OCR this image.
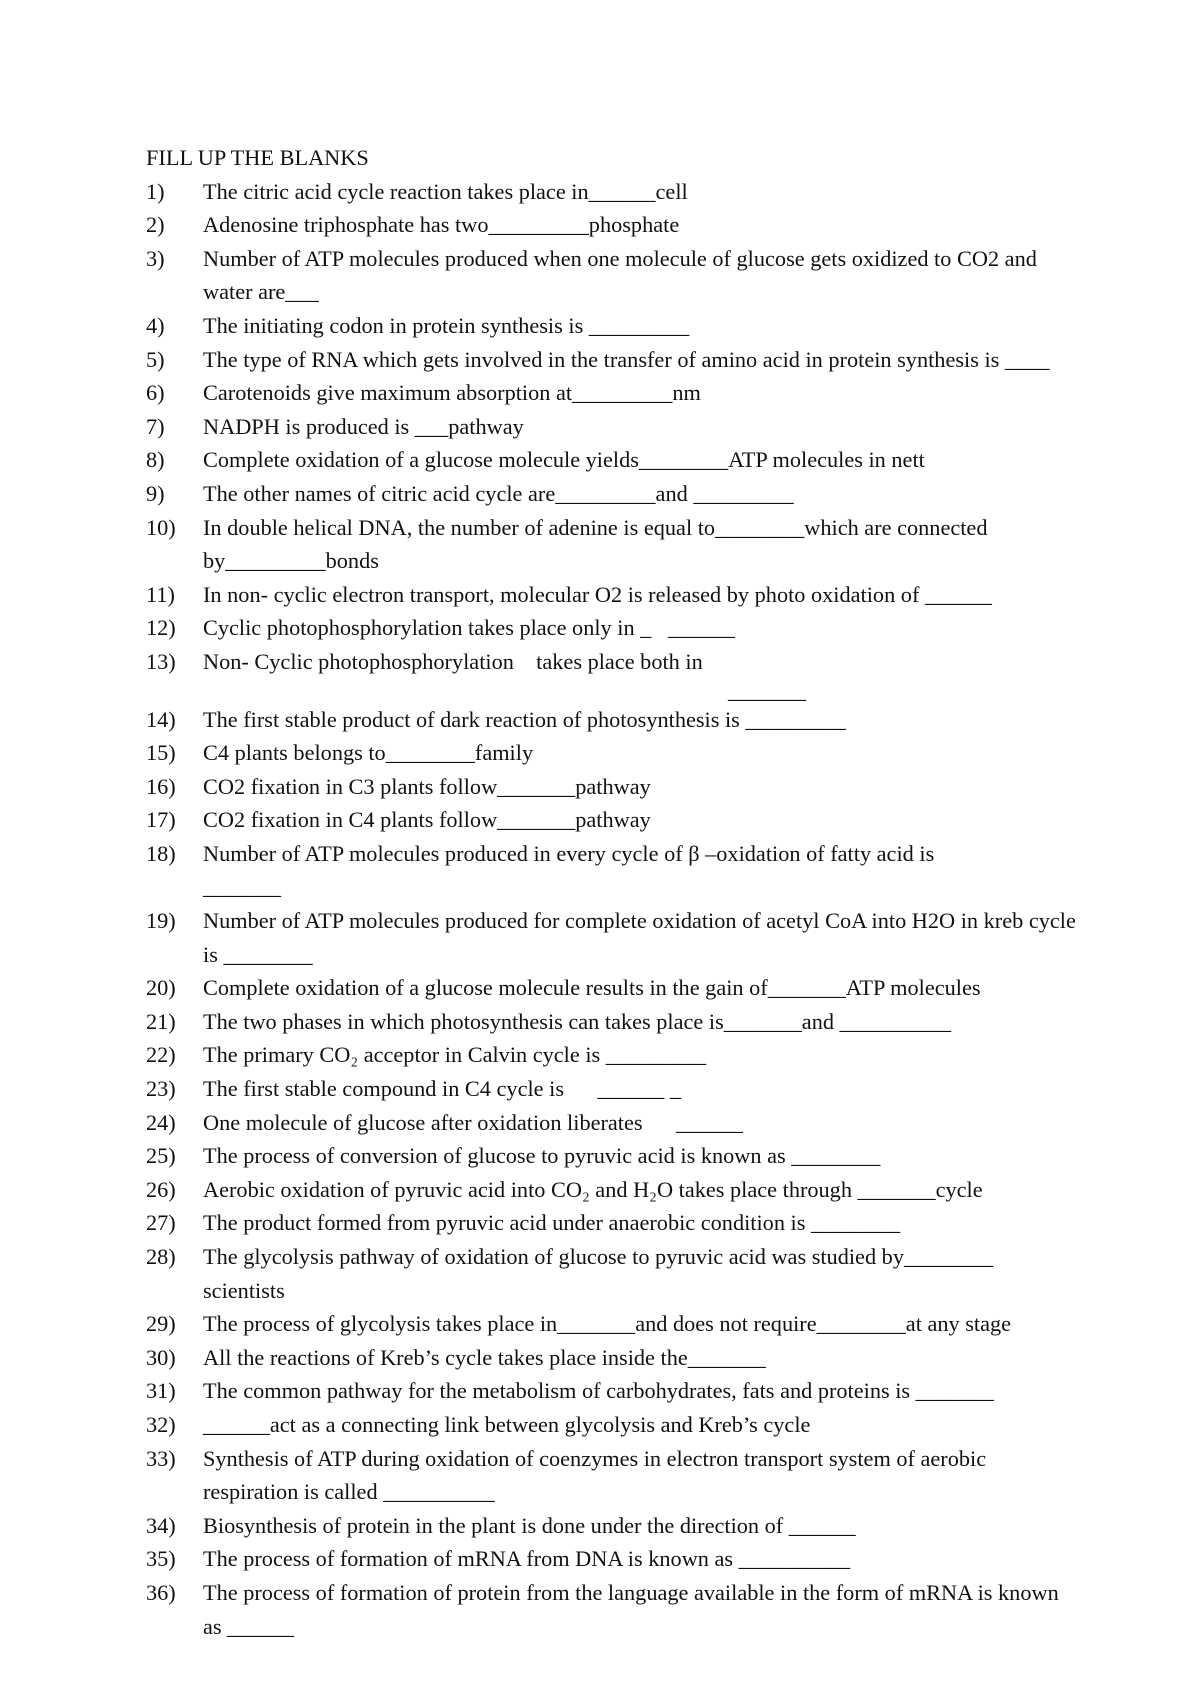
FILL UP THE BLANKS
1)	The citric acid cycle reaction takes place in______cell
2)	Adenosine triphosphate has two_________phosphate
3)	Number of ATP molecules produced when one molecule of glucose gets oxidized to CO2 and water are___
4)	The initiating codon in protein synthesis is _________
5)	The type of RNA which gets involved in the transfer of amino acid in protein synthesis is ____
6)	Carotenoids give maximum absorption at_________nm
7)	NADPH is produced is ___pathway
8)	Complete oxidation of a glucose molecule yields________ATP molecules in nett
9)	The other names of citric acid cycle are_________and _________
10)	In double helical DNA, the number of adenine is equal to________which are connected by_________bonds
11)	In non- cyclic electron transport, molecular O2 is released by photo oxidation of ______
12)	Cyclic photophosphorylation takes place only in _   ______
13)	Non- Cyclic photophosphorylation    takes place both in
_______
14)	The first stable product of dark reaction of photosynthesis is _________
15)	C4 plants belongs to________family
16)	CO2 fixation in C3 plants follow_______pathway
17)	CO2 fixation in C4 plants follow_______pathway
18)	Number of ATP molecules produced in every cycle of β –oxidation of fatty acid is
_______
19)	Number of ATP molecules produced for complete oxidation of acetyl CoA into H2O in kreb cycle is ________
20)	Complete oxidation of a glucose molecule results in the gain of_______ATP molecules
21)	The two phases in which photosynthesis can takes place is_______and __________
22)	The primary CO₂ acceptor in Calvin cycle is _________
23)	The first stable compound in C4 cycle is      ______ _
24)	One molecule of glucose after oxidation liberates      ______
25)	The process of conversion of glucose to pyruvic acid is known as ________
26)	Aerobic oxidation of pyruvic acid into CO₂ and H₂O takes place through _______cycle
27)	The product formed from pyruvic acid under anaerobic condition is ________
28)	The glycolysis pathway of oxidation of glucose to pyruvic acid was studied by________ scientists
29)	The process of glycolysis takes place in_______and does not require________at any stage
30)	All the reactions of Kreb’s cycle takes place inside the_______
31)	The common pathway for the metabolism of carbohydrates, fats and proteins is _______
32)	______act as a connecting link between glycolysis and Kreb’s cycle
33)	Synthesis of ATP during oxidation of coenzymes in electron transport system of aerobic respiration is called __________
34)	Biosynthesis of protein in the plant is done under the direction of ______
35)	The process of formation of mRNA from DNA is known as __________
36)	The process of formation of protein from the language available in the form of mRNA is known as ______
